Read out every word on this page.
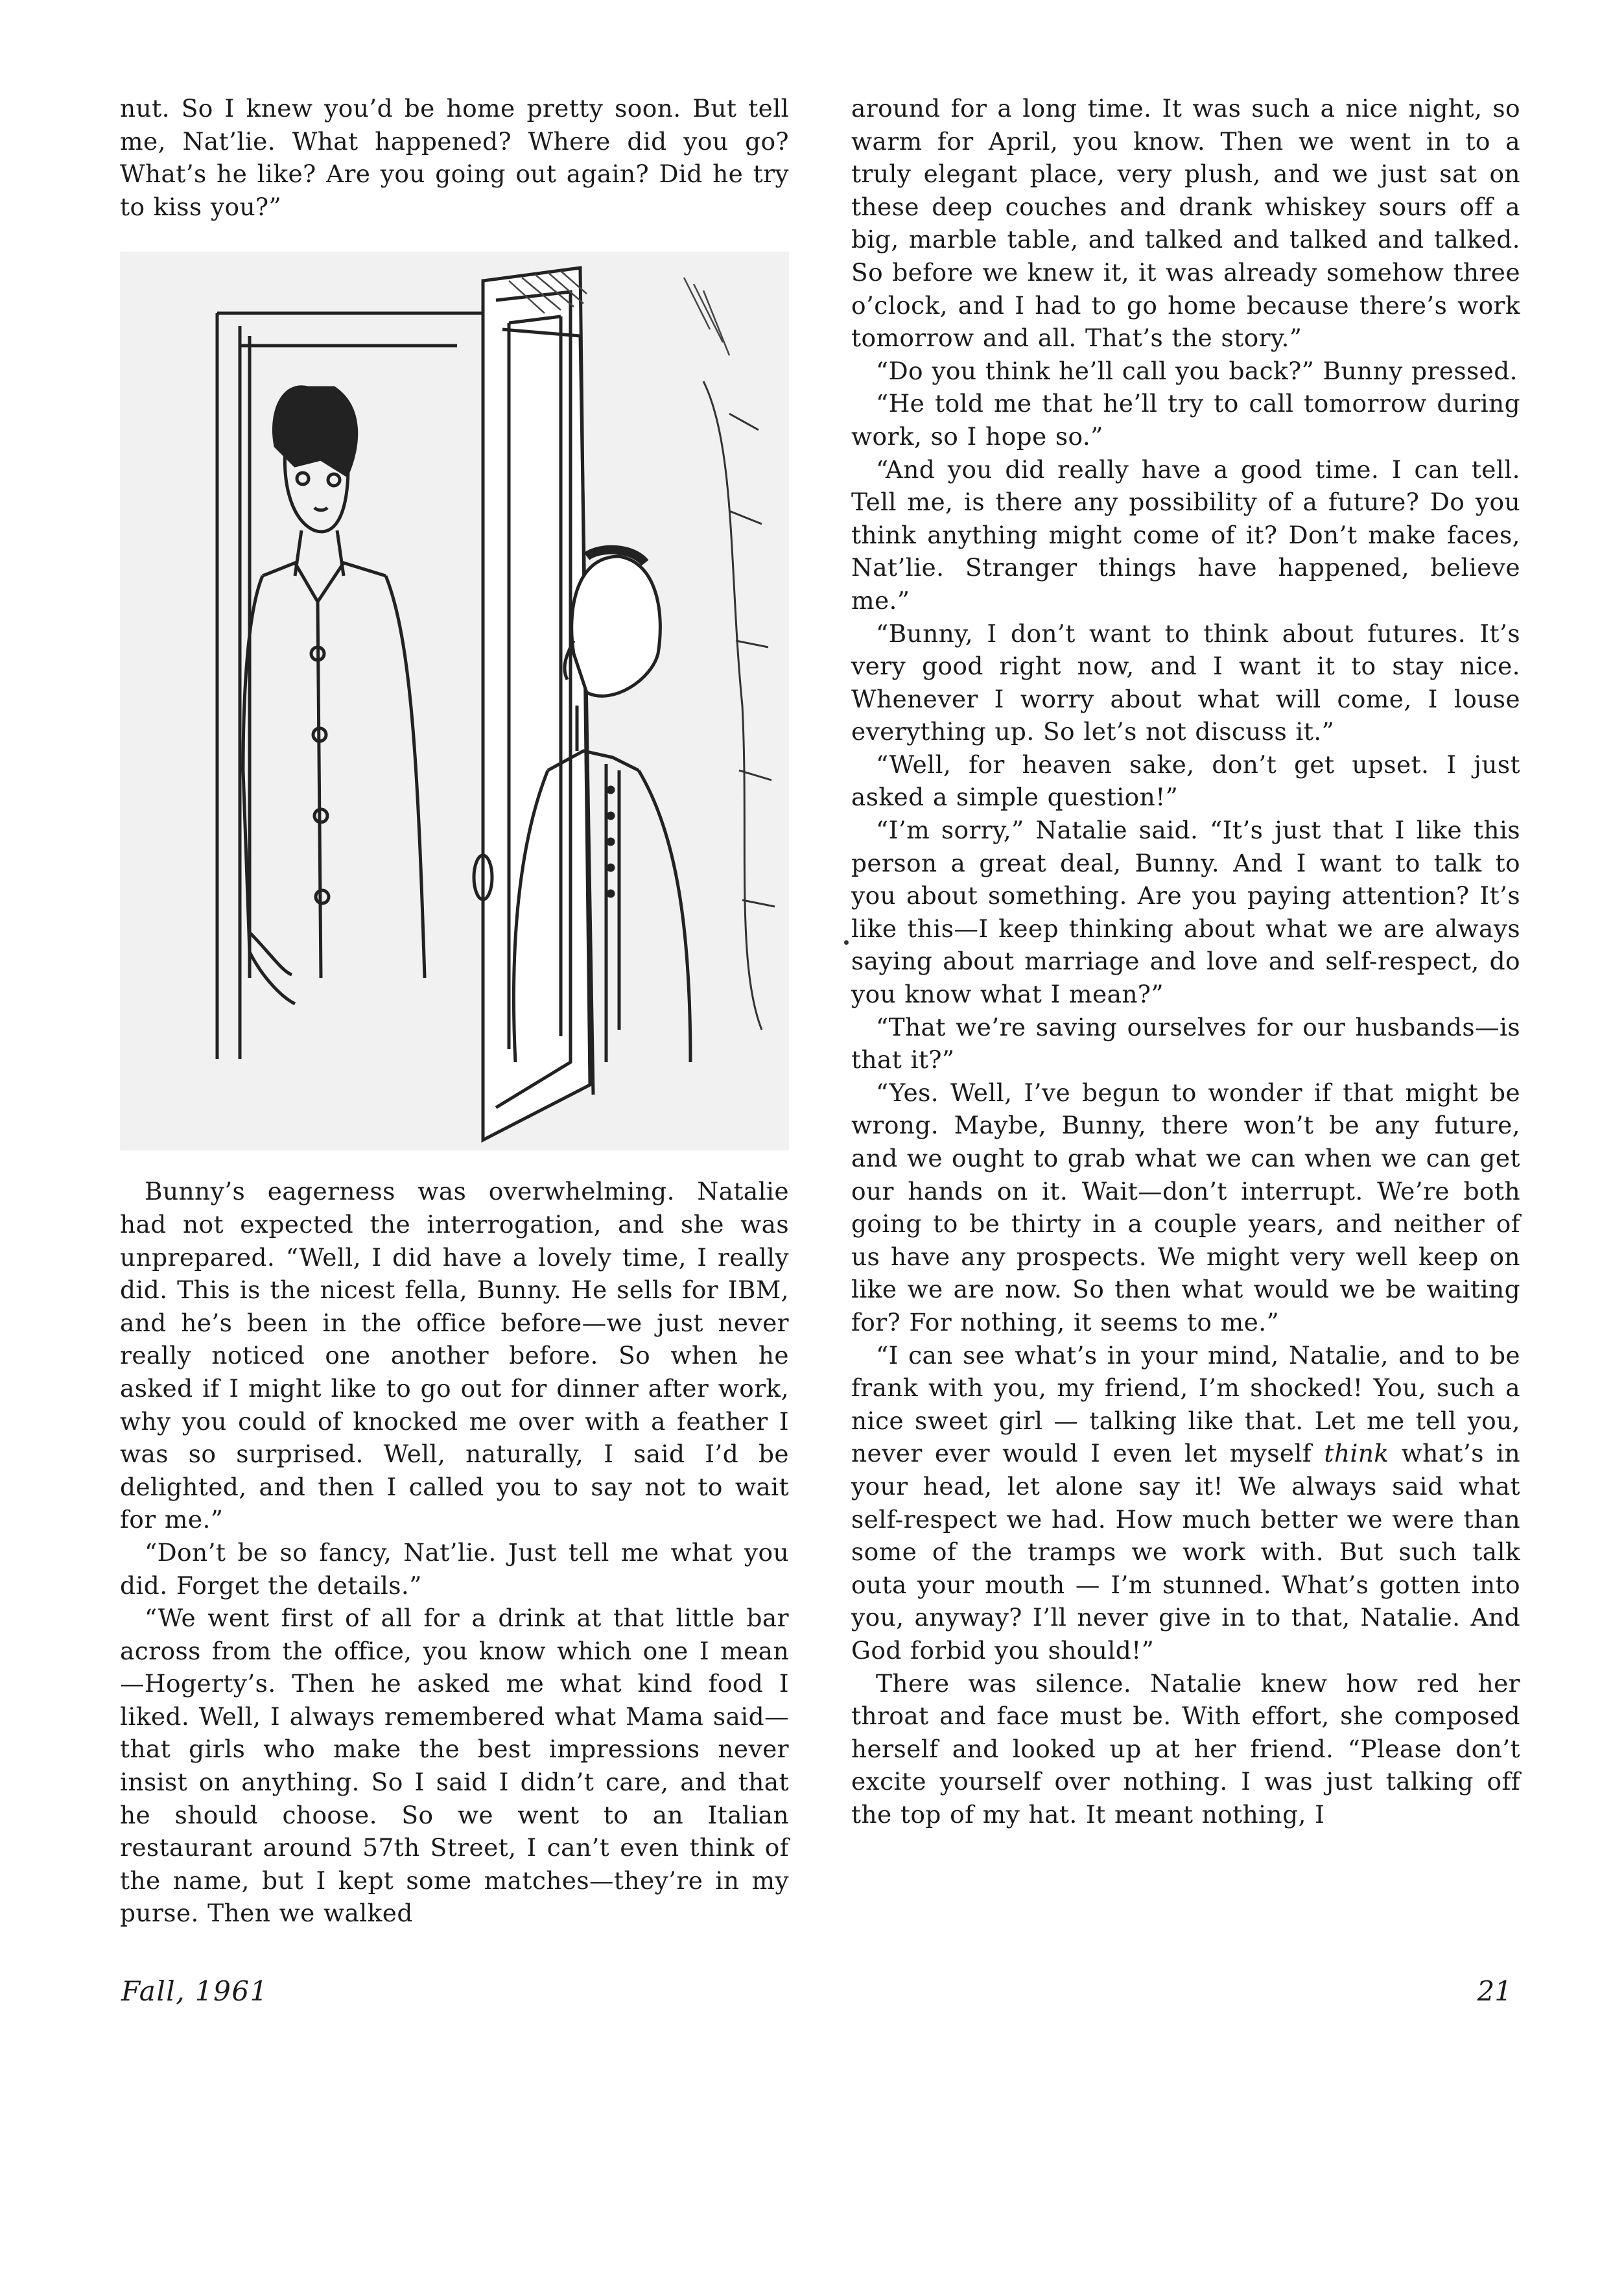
nut. So I knew you’d be home pretty soon. But tell me, Nat’lie. What happened? Where did you go? What’s he like? Are you going out again? Did he try to kiss you?”

Bunny’s eagerness was overwhelming. Natalie had not expected the interrogation, and she was unprepared. “Well, I did have a lovely time, I really did. This is the nicest fella, Bunny. He sells for IBM, and he’s been in the office before—we just never really noticed one another before. So when he asked if I might like to go out for dinner after work, why you could of knocked me over with a feather I was so surprised. Well, naturally, I said I’d be delighted, and then I called you to say not to wait for me.”

“Don’t be so fancy, Nat’lie. Just tell me what you did. Forget the details.”

“We went first of all for a drink at that little bar across from the office, you know which one I mean—Hogerty’s. Then he asked me what kind food I liked. Well, I always remembered what Mama said—that girls who make the best impressions never insist on anything. So I said I didn’t care, and that he should choose. So we went to an Italian restaurant around 57th Street, I can’t even think of the name, but I kept some matches—they’re in my purse. Then we walked

around for a long time. It was such a nice night, so warm for April, you know. Then we went in to a truly elegant place, very plush, and we just sat on these deep couches and drank whiskey sours off a big, marble table, and talked and talked and talked. So before we knew it, it was already somehow three o’clock, and I had to go home because there’s work tomorrow and all. That’s the story.”

“Do you think he’ll call you back?” Bunny pressed.

“He told me that he’ll try to call tomorrow during work, so I hope so.”

“And you did really have a good time. I can tell. Tell me, is there any possibility of a future? Do you think anything might come of it? Don’t make faces, Nat’lie. Stranger things have happened, believe me.”

“Bunny, I don’t want to think about futures. It’s very good right now, and I want it to stay nice. Whenever I worry about what will come, I louse everything up. So let’s not discuss it.”

“Well, for heaven sake, don’t get upset. I just asked a simple question!”

“I’m sorry,” Natalie said. “It’s just that I like this person a great deal, Bunny. And I want to talk to you about something. Are you paying attention? It’s like this—I keep thinking about what we are always saying about marriage and love and self-respect, do you know what I mean?”

“That we’re saving ourselves for our husbands—is that it?”

“Yes. Well, I’ve begun to wonder if that might be wrong. Maybe, Bunny, there won’t be any future, and we ought to grab what we can when we can get our hands on it. Wait—don’t interrupt. We’re both going to be thirty in a couple years, and neither of us have any prospects. We might very well keep on like we are now. So then what would we be waiting for? For nothing, it seems to me.”

“I can see what’s in your mind, Natalie, and to be frank with you, my friend, I’m shocked! You, such a nice sweet girl — talking like that. Let me tell you, never ever would I even let myself think what’s in your head, let alone say it! We always said what self-respect we had. How much better we were than some of the tramps we work with. But such talk outa your mouth — I’m stunned. What’s gotten into you, anyway? I’ll never give in to that, Natalie. And God forbid you should!”

There was silence. Natalie knew how red her throat and face must be. With effort, she composed herself and looked up at her friend. “Please don’t excite yourself over nothing. I was just talking off the top of my hat. It meant nothing, I

Fall, 1961	21
